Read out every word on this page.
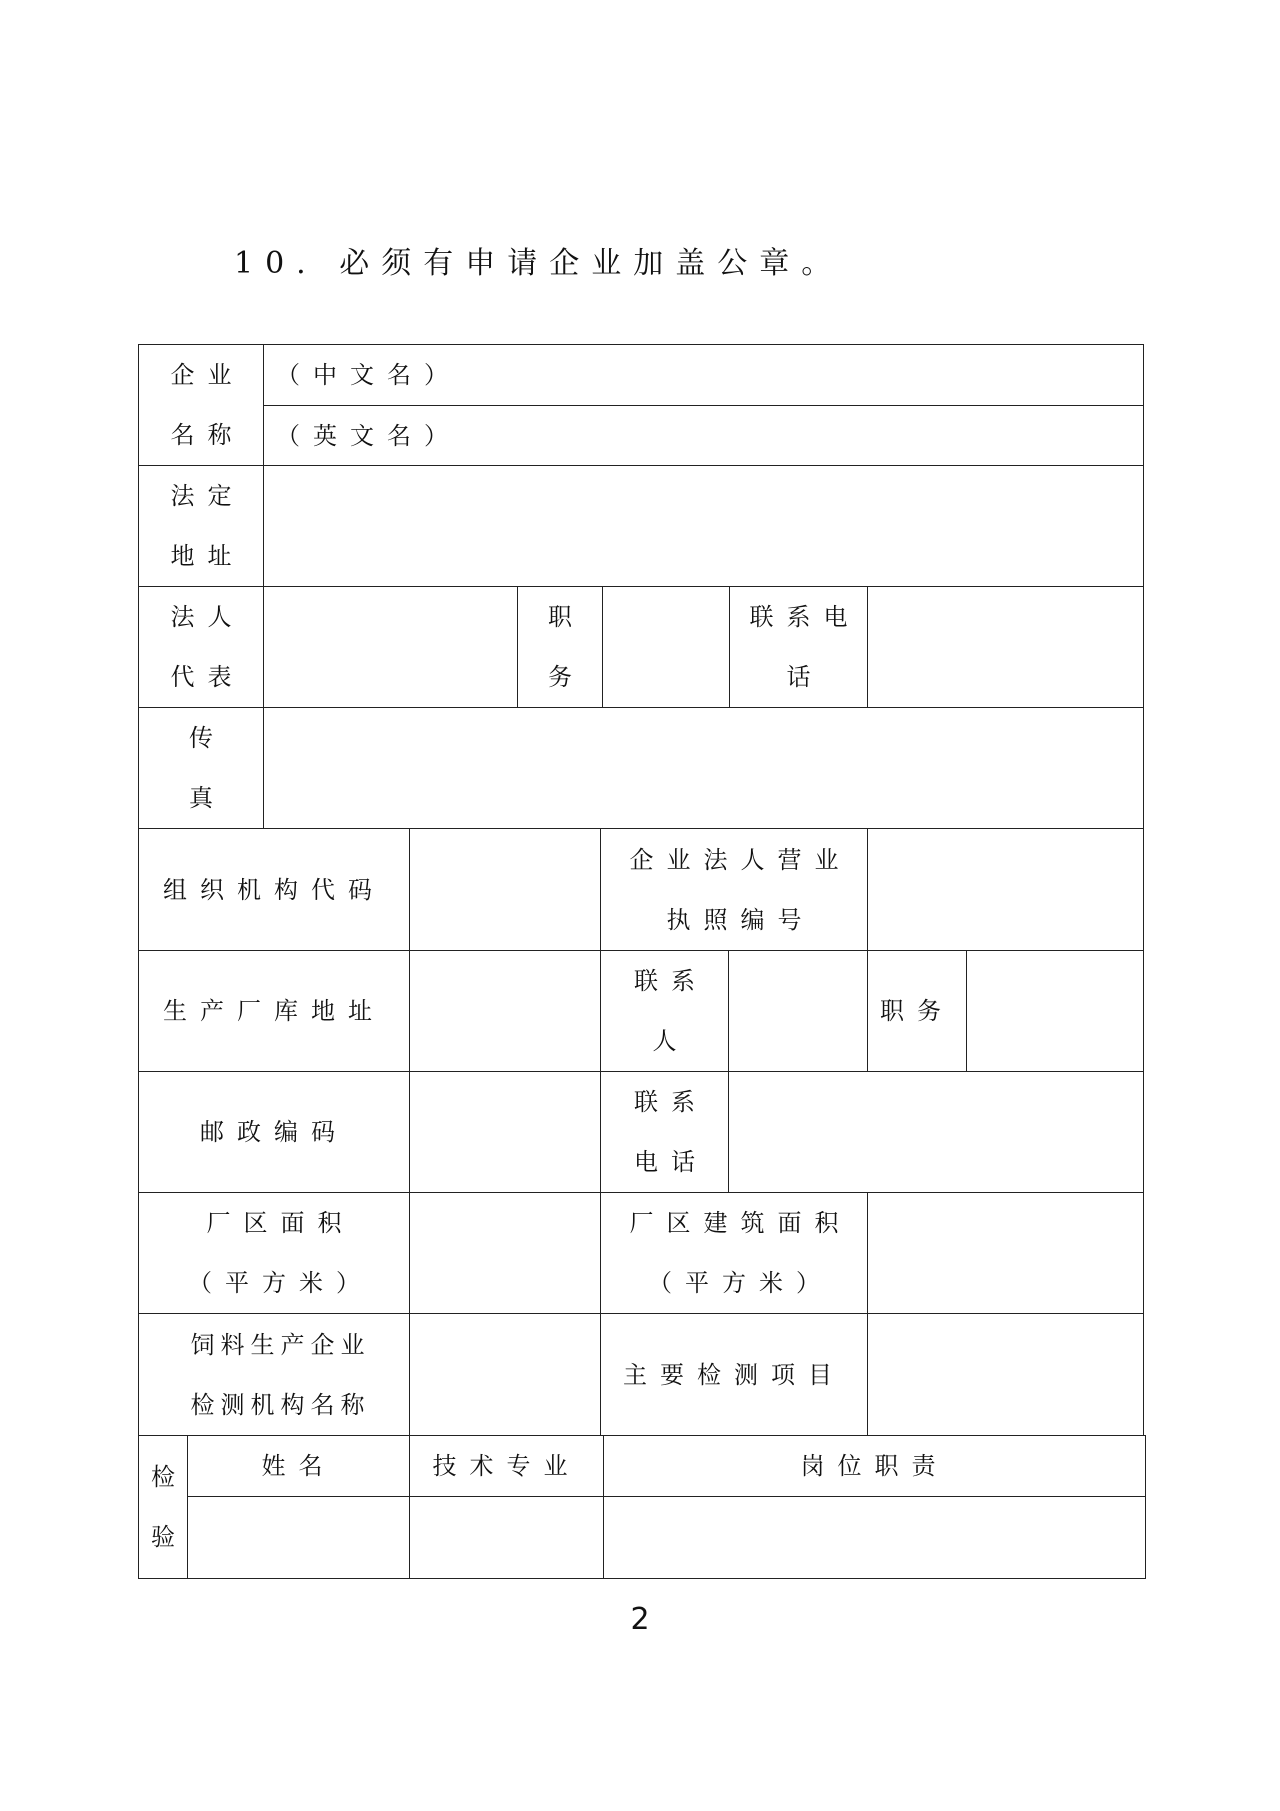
10. 必须有申请企业加盖公章。
企业
名称
（中文名）
（英文名）
法定
地址
法人
代表
职
务
联系电
话
传
真
组织机构代码
企业法人营业
执照编号
生产厂库地址
联系
人
职务
邮政编码
联系
电话
厂区面积
（平方米）
厂区建筑面积
（平方米）
饲料生产企业
检测机构名称
主要检测项目
检
验
姓名	技术专业	岗位职责
2
